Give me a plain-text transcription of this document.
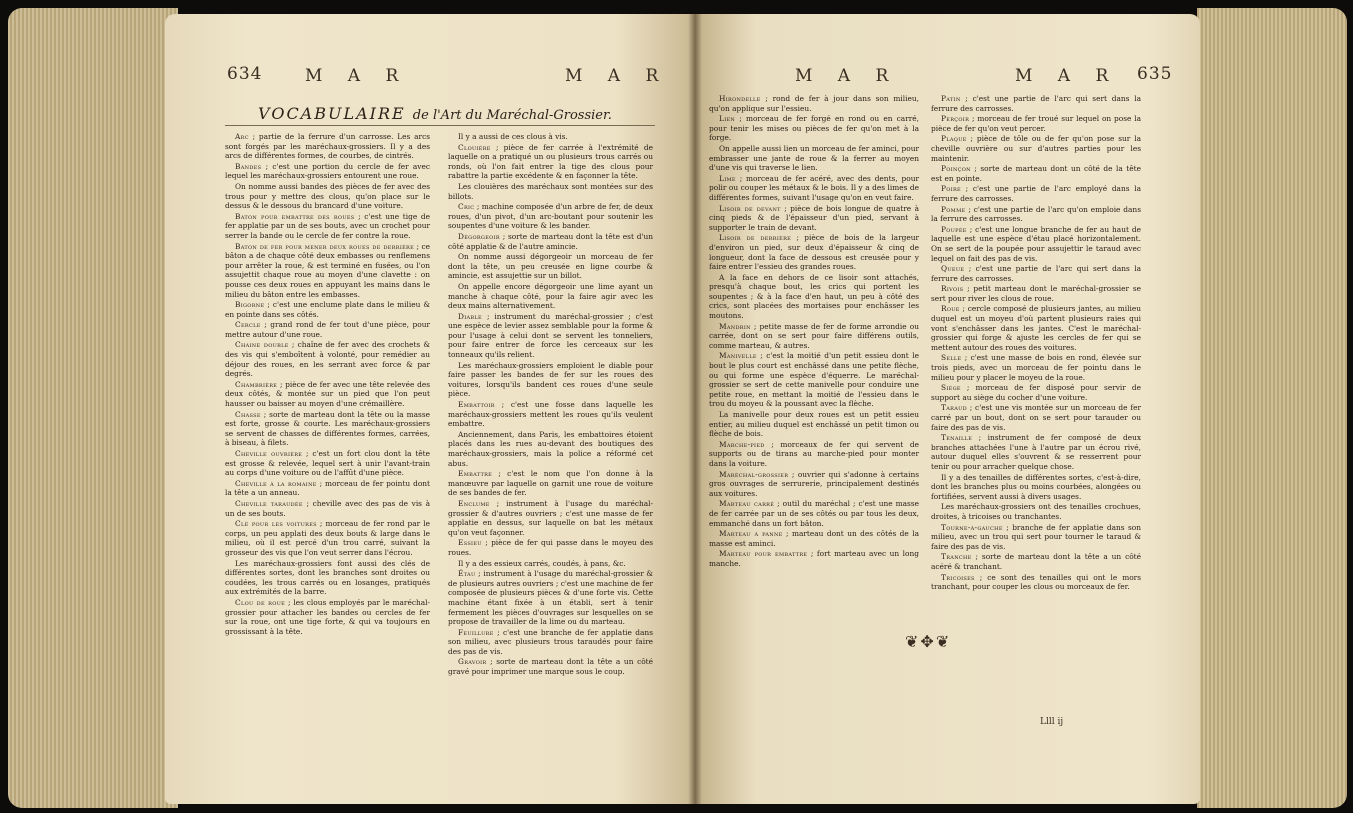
634	M A R	M A R
VOCABULAIRE de l'Art du Maréchal-Grossier.

Arc ; partie de la ferrure d'un carrosse. Les arcs sont forgés par les maréchaux-grossiers. Il y a des arcs de différentes formes, de courbes, de cintrés.

Bandes ; c'est une portion du cercle de fer avec lequel les maréchaux-grossiers entourent une roue.

On nomme aussi bandes des pièces de fer avec des trous pour y mettre des clous, qu'on place sur le dessus & le dessous du brancard d'une voiture.

Baton pour embattre des roues ; c'est une tige de fer applatie par un de ses bouts, avec un crochet pour serrer la bande ou le cercle de fer contre la roue.

Baton de fer pour mener deux roues de derrière ; ce bâton a de chaque côté deux embasses ou renflemens pour arrêter la roue, & est terminé en fusées, ou l'on assujettit chaque roue au moyen d'une clavette : on pousse ces deux roues en appuyant les mains dans le milieu du bâton entre les embasses.

Bigorne ; c'est une enclume plate dans le milieu & en pointe dans ses côtés.

Cercle ; grand rond de fer tout d'une pièce, pour mettre autour d'une roue.

Chaine double ; chaîne de fer avec des crochets & des vis qui s'emboîtent à volonté, pour remédier au déjour des roues, en les serrant avec force & par degrés.

Chambrière ; pièce de fer avec une tête relevée des deux côtés, & montée sur un pied que l'on peut hausser ou baisser au moyen d'une crémaillère.

Chasse ; sorte de marteau dont la tête ou la masse est forte, grosse & courte. Les maréchaux-grossiers se servent de chasses de différentes formes, carrées, à biseau, à filets.

Cheville ouvrière ; c'est un fort clou dont la tête est grosse & relevée, lequel sert à unir l'avant-train au corps d'une voiture ou de l'affût d'une pièce.

Cheville à la romaine ; morceau de fer pointu dont la tête a un anneau.

Cheville taraudée ; cheville avec des pas de vis à un de ses bouts.

Clé pour les voitures ; morceau de fer rond par le corps, un peu applati des deux bouts & large dans le milieu, où il est percé d'un trou carré, suivant la grosseur des vis que l'on veut serrer dans l'écrou.

Les maréchaux-grossiers font aussi des clés de différentes sortes, dont les branches sont droites ou coudées, les trous carrés ou en losanges, pratiqués aux extrémités de la barre.

Clou de roue ; les clous employés par le maréchal-grossier pour attacher les bandes ou cercles de fer sur la roue, ont une tige forte, & qui va toujours en grossissant à la tête.

Il y a aussi de ces clous à vis.

Clouière ; pièce de fer carrée à l'extrémité de laquelle on a pratiqué un ou plusieurs trous carrés ou ronds, où l'on fait entrer la tige des clous pour rabattre la partie excédente & en façonner la tête.

Les clouières des maréchaux sont montées sur des billots.

Cric ; machine composée d'un arbre de fer, de deux roues, d'un pivot, d'un arc-boutant pour soutenir les soupentes d'une voiture & les bander.

Dégorgeoir ; sorte de marteau dont la tête est d'un côté applatie & de l'autre amincie.

On nomme aussi dégorgeoir un morceau de fer dont la tête, un peu creusée en ligne courbe & amincie, est assujettie sur un billot.

On appelle encore dégorgeoir une lime ayant un manche à chaque côté, pour la faire agir avec les deux mains alternativement.

Diable ; instrument du maréchal-grossier ; c'est une espèce de levier assez semblable pour la forme & pour l'usage à celui dont se servent les tonneliers, pour faire entrer de force les cerceaux sur les tonneaux qu'ils relient.

Les maréchaux-grossiers emploient le diable pour faire passer les bandes de fer sur les roues des voitures, lorsqu'ils bandent ces roues d'une seule pièce.

Embattoir ; c'est une fosse dans laquelle les maréchaux-grossiers mettent les roues qu'ils veulent embattre.

Anciennement, dans Paris, les embattoires étoient placés dans les rues au-devant des boutiques des maréchaux-grossiers, mais la police a réformé cet abus.

Embattre ; c'est le nom que l'on donne à la manœuvre par laquelle on garnit une roue de voiture de ses bandes de fer.

Enclume ; instrument à l'usage du maréchal-grossier & d'autres ouvriers ; c'est une masse de fer applatie en dessus, sur laquelle on bat les métaux qu'on veut façonner.

Essieu ; pièce de fer qui passe dans le moyeu des roues.

Il y a des essieux carrés, coudés, à pans, &c.

Étau ; instrument à l'usage du maréchal-grossier & de plusieurs autres ouvriers ; c'est une machine de fer composée de plusieurs pièces & d'une forte vis. Cette machine étant fixée à un établi, sert à tenir fermement les pièces d'ouvrages sur lesquelles on se propose de travailler de la lime ou du marteau.

Feuillure ; c'est une branche de fer applatie dans son milieu, avec plusieurs trous taraudés pour faire des pas de vis.

Gravoir ; sorte de marteau dont la tête a un côté gravé pour imprimer une marque sous le coup.

M A R	M A R 635

Hirondelle ; rond de fer à jour dans son milieu, qu'on applique sur l'essieu.

Lien ; morceau de fer forgé en rond ou en carré, pour tenir les mises ou pièces de fer qu'on met à la forge.

On appelle aussi lien un morceau de fer aminci, pour embrasser une jante de roue & la ferrer au moyen d'une vis qui traverse le lien.

Lime ; morceau de fer acéré, avec des dents, pour polir ou couper les métaux & le bois. Il y a des limes de différentes formes, suivant l'usage qu'on en veut faire.

Lisoir de devant ; pièce de bois longue de quatre à cinq pieds & de l'épaisseur d'un pied, servant à supporter le train de devant.

Lisoir de derrière ; pièce de bois de la largeur d'environ un pied, sur deux d'épaisseur & cinq de longueur, dont la face de dessous est creusée pour y faire entrer l'essieu des grandes roues.

A la face en dehors de ce lisoir sont attachés, presqu'à chaque bout, les crics qui portent les soupentes ; & à la face d'en haut, un peu à côté des crics, sont placées des mortaises pour enchâsser les moutons.

Mandrin ; petite masse de fer de forme arrondie ou carrée, dont on se sert pour faire différens outils, comme marteau, & autres.

Manivelle ; c'est la moitié d'un petit essieu dont le bout le plus court est enchâssé dans une petite flèche, ou qui forme une espèce d'équerre. Le maréchal-grossier se sert de cette manivelle pour conduire une petite roue, en mettant la moitié de l'essieu dans le trou du moyeu & la poussant avec la flèche.

La manivelle pour deux roues est un petit essieu entier, au milieu duquel est enchâssé un petit timon ou flèche de bois.

Marche-pied ; morceaux de fer qui servent de supports ou de tirans au marche-pied pour monter dans la voiture.

Maréchal-grossier ; ouvrier qui s'adonne à certains gros ouvrages de serrurerie, principalement destinés aux voitures.

Marteau carré ; outil du maréchal ; c'est une masse de fer carrée par un de ses côtés ou par tous les deux, emmanché dans un fort bâton.

Marteau à panne ; marteau dont un des côtés de la masse est aminci.

Marteau pour embattre ; fort marteau avec un long manche.

Patin ; c'est une partie de l'arc qui sert dans la ferrure des carrosses.

Perçoir ; morceau de fer troué sur lequel on pose la pièce de fer qu'on veut percer.

Plaque ; pièce de tôle ou de fer qu'on pose sur la cheville ouvrière ou sur d'autres parties pour les maintenir.

Poinçon ; sorte de marteau dont un côté de la tête est en pointe.

Poire ; c'est une partie de l'arc employé dans la ferrure des carrosses.

Pomme ; c'est une partie de l'arc qu'on emploie dans la ferrure des carrosses.

Poupée ; c'est une longue branche de fer au haut de laquelle est une espèce d'étau placé horizontalement. On se sert de la poupée pour assujettir le taraud avec lequel on fait des pas de vis.

Queue ; c'est une partie de l'arc qui sert dans la ferrure des carrosses.

Rivois ; petit marteau dont le maréchal-grossier se sert pour river les clous de roue.

Roue ; cercle composé de plusieurs jantes, au milieu duquel est un moyeu d'où partent plusieurs raies qui vont s'enchâsser dans les jantes. C'est le maréchal-grossier qui forge & ajuste les cercles de fer qui se mettent autour des roues des voitures.

Selle ; c'est une masse de bois en rond, élevée sur trois pieds, avec un morceau de fer pointu dans le milieu pour y placer le moyeu de la roue.

Siège ; morceau de fer disposé pour servir de support au siège du cocher d'une voiture.

Taraud ; c'est une vis montée sur un morceau de fer carré par un bout, dont on se sert pour tarauder ou faire des pas de vis.

Tenaille ; instrument de fer composé de deux branches attachées l'une à l'autre par un écrou rivé, autour duquel elles s'ouvrent & se resserrent pour tenir ou pour arracher quelque chose.

Il y a des tenailles de différentes sortes, c'est-à-dire, dont les branches plus ou moins courbées, alongées ou fortifiées, servent aussi à divers usages.

Les maréchaux-grossiers ont des tenailles crochues, droites, à tricoises ou tranchantes.

Tourne-à-gauche ; branche de fer applatie dans son milieu, avec un trou qui sert pour tourner le taraud & faire des pas de vis.

Tranche ; sorte de marteau dont la tête a un côté acéré & tranchant.

Tricoises ; ce sont des tenailles qui ont le mors tranchant, pour couper les clous ou morceaux de fer.

❦✥❦
Llll ij
